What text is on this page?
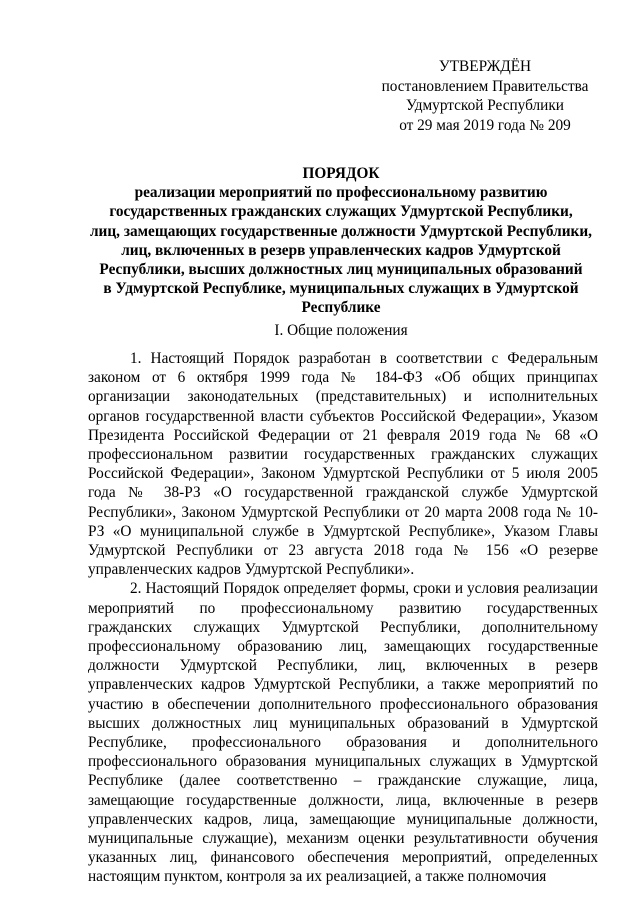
УТВЕРЖДЁН
постановлением Правительства
Удмуртской Республики
от 29 мая 2019 года № 209
ПОРЯДОК
реализации мероприятий по профессиональному развитию
государственных гражданских служащих Удмуртской Республики,
лиц, замещающих государственные должности Удмуртской Республики,
лиц, включенных в резерв управленческих кадров Удмуртской
Республики, высших должностных лиц муниципальных образований
в Удмуртской Республике, муниципальных служащих в Удмуртской
Республике
I. Общие положения

1. Настоящий Порядок разработан в соответствии с Федеральным законом от 6 октября 1999 года № 184-ФЗ «Об общих принципах организации законодательных (представительных) и исполнительных органов государственной власти субъектов Российской Федерации», Указом Президента Российской Федерации от 21 февраля 2019 года № 68 «О профессиональном развитии государственных гражданских служащих Российской Федерации», Законом Удмуртской Республики от 5 июля 2005 года № 38-РЗ «О государственной гражданской службе Удмуртской Республики», Законом Удмуртской Республики от 20 марта 2008 года № 10-РЗ «О муниципальной службе в Удмуртской Республике», Указом Главы Удмуртской Республики от 23 августа 2018 года № 156 «О резерве управленческих кадров Удмуртской Республики».

2. Настоящий Порядок определяет формы, сроки и условия реализации мероприятий по профессиональному развитию государственных гражданских служащих Удмуртской Республики, дополнительному профессиональному образованию лиц, замещающих государственные должности Удмуртской Республики, лиц, включенных в резерв управленческих кадров Удмуртской Республики, а также мероприятий по участию в обеспечении дополнительного профессионального образования высших должностных лиц муниципальных образований в Удмуртской Республике, профессионального образования и дополнительного профессионального образования муниципальных служащих в Удмуртской Республике (далее соответственно – гражданские служащие, лица, замещающие государственные должности, лица, включенные в резерв управленческих кадров, лица, замещающие муниципальные должности, муниципальные служащие), механизм оценки результативности обучения указанных лиц, финансового обеспечения мероприятий, определенных настоящим пунктом, контроля за их реализацией, а также полномочия
